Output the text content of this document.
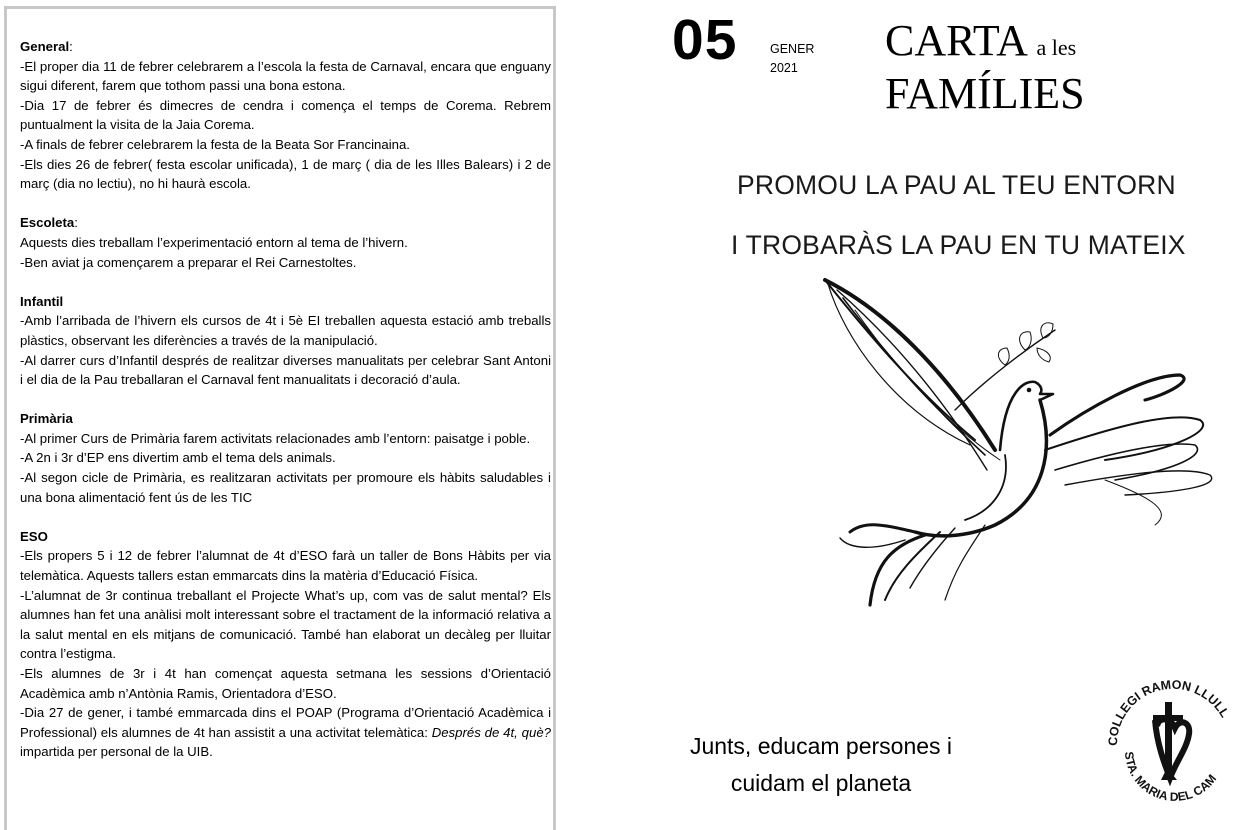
General:

-El proper dia 11 de febrer celebrarem a l’escola la festa de Carnaval, encara que enguany sigui diferent, farem que tothom passi una bona estona.

-Dia 17 de febrer és dimecres de cendra i comença el temps de Corema. Rebrem puntualment la visita de la Jaia Corema.

-A finals de febrer celebrarem la festa de la Beata Sor Francinaina.

-Els dies 26 de febrer( festa escolar unificada), 1 de març ( dia de les Illes Balears) i 2 de març (dia no lectiu), no hi haurà escola.

Escoleta:

Aquests dies treballam l’experimentació entorn al tema de l’hivern.

-Ben aviat ja començarem a preparar el Rei Carnestoltes.

Infantil

-Amb l’arribada de l’hivern els cursos de 4t i 5è EI treballen aquesta estació amb treballs plàstics, observant les diferències a través de la manipulació.

-Al darrer curs d’Infantil després de realitzar diverses manualitats per celebrar Sant Antoni i el dia de la Pau treballaran el Carnaval fent manualitats i decoració d’aula.

Primària

-Al primer Curs de Primària farem activitats relacionades amb l’entorn: paisatge i poble.

-A 2n i 3r d’EP ens divertim amb el tema dels animals.

-Al segon cicle de Primària, es realitzaran activitats per promoure els hàbits saludables i una bona alimentació fent ús de les TIC

ESO

-Els propers 5 i 12 de febrer l’alumnat de 4t d’ESO farà un taller de Bons Hàbits per via telemàtica. Aquests tallers estan emmarcats dins la matèria d’Educació Física.

-L’alumnat de 3r continua treballant el Projecte What’s up, com vas de salut mental? Els alumnes han fet una anàlisi molt interessant sobre el tractament de la informació relativa a la salut mental en els mitjans de comunicació. També han elaborat un decàleg per lluitar contra l’estigma.

-Els alumnes de 3r i 4t han començat aquesta setmana les sessions d’Orientació Acadèmica amb n’Antònia Ramis, Orientadora d’ESO.

-Dia 27 de gener, i també emmarcada dins el POAP (Programa d’Orientació Acadèmica i Professional) els alumnes de 4t han assistit a una activitat telemàtica: Després de 4t, què? impartida per personal de la UIB.

05	GENER
2021
CARTA a les
FAMÍLIES
PROMOU LA PAU AL TEU ENTORN
I TROBARÀS LA PAU EN TU MATEIX
Junts, educam persones i
cuidam el planeta
COLLEGI RAMON LLULL
STA. MARIA DEL CAM
